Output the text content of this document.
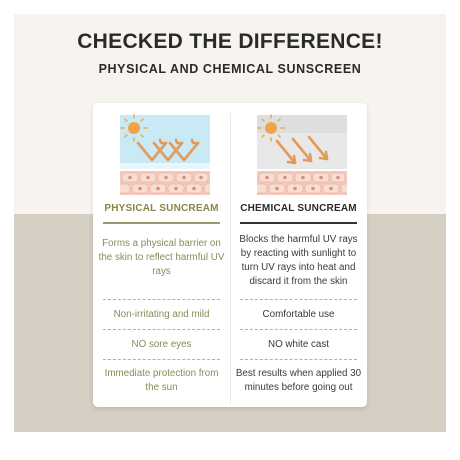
CHECKED THE DIFFERENCE!
PHYSICAL AND CHEMICAL SUNSCREEN
PHYSICAL SUNCREAM
Forms a physical barrier on the skin to reflect harmful UV rays
Non-irritating and mild
NO sore eyes
Immediate protection from the sun
CHEMICAL SUNCREAM
Blocks the harmful UV rays by reacting with sunlight to turn UV rays into heat and discard it from the skin
Comfortable use
NO white cast
Best results when applied 30 minutes before going out
